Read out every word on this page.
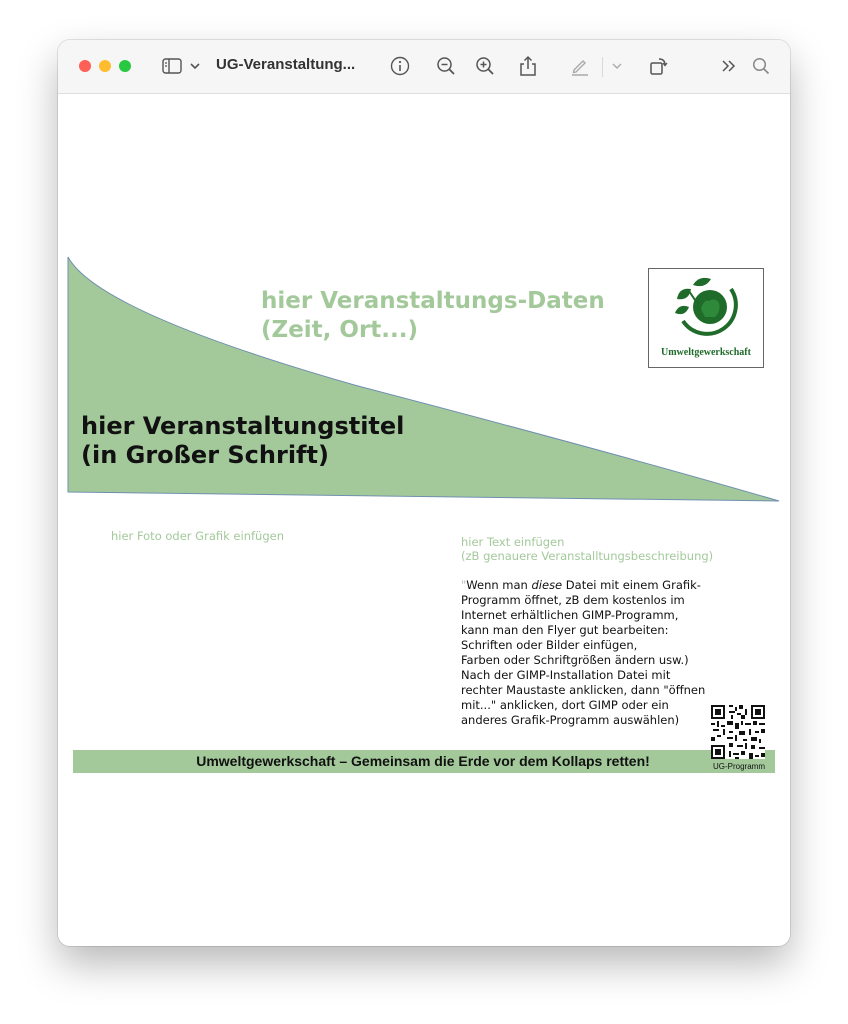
UG-Veranstaltung...
hier Veranstaltungs-Daten
(Zeit, Ort...)
hier Veranstaltungstitel
(in Großer Schrift)
Umweltgewerkschaft
hier Foto oder Grafik einfügen	hier Text einfügen
(zB genauere Veranstalltungsbeschreibung)
"Wenn man diese Datei mit einem Grafik-
Programm öffnet, zB dem kostenlos im
Internet erhältlichen GIMP-Programm,
kann man den Flyer gut bearbeiten:
Schriften oder Bilder einfügen,
Farben oder Schriftgrößen ändern usw.)
Nach der GIMP-Installation Datei mit
rechter Maustaste anklicken, dann "öffnen
mit..." anklicken, dort GIMP oder ein
anderes Grafik-Programm auswählen)
Umweltgewerkschaft – Gemeinsam die Erde vor dem Kollaps retten!	UG-Programm
